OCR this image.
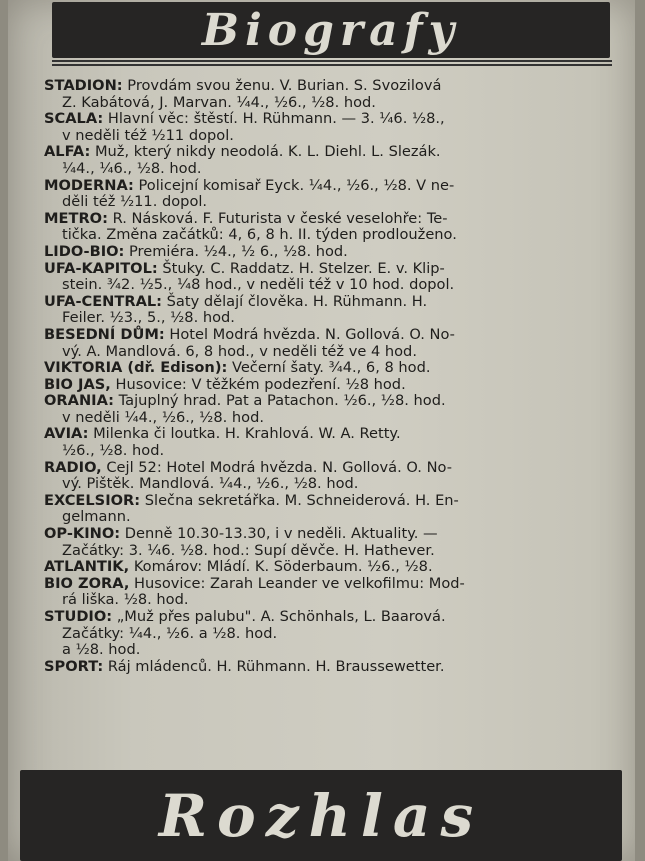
Biografy
STADION: Provdám svou ženu. V. Burian. S. Svozilová
Z. Kabátová, J. Marvan. ¼4., ½6., ½8. hod.
SCALA: Hlavní věc: štěstí. H. Rühmann. — 3. ¼6. ½8.,
v neděli též ½11 dopol.
ALFA: Muž, který nikdy neodolá. K. L. Diehl. L. Slezák.
¼4., ¼6., ½8. hod.
MODERNA: Policejní komisař Eyck. ¼4., ½6., ½8. V ne-
děli též ½11. dopol.
METRO: R. Násková. F. Futurista v české veselohře: Te-
tička. Změna začátků: 4, 6, 8 h. II. týden prodlouženo.
LIDO-BIO: Premiéra. ½4., ½ 6., ½8. hod.
UFA-KAPITOL: Štuky. C. Raddatz. H. Stelzer. E. v. Klip-
stein. ¾2. ½5., ¼8 hod., v neděli též v 10 hod. dopol.
UFA-CENTRAL: Šaty dělají člověka. H. Rühmann. H.
Feiler. ½3., 5., ½8. hod.
BESEDNÍ DŮM: Hotel Modrá hvězda. N. Gollová. O. No-
vý. A. Mandlová. 6, 8 hod., v neděli též ve 4 hod.
VIKTORIA (dř. Edison): Večerní šaty. ¾4., 6, 8 hod.
BIO JAS, Husovice: V těžkém podezření. ½8 hod.
ORANIA: Tajuplný hrad. Pat a Patachon. ½6., ½8. hod.
v neděli ¼4., ½6., ½8. hod.
AVIA: Milenka či loutka. H. Krahlová. W. A. Retty.
½6., ½8. hod.
RADIO, Cejl 52: Hotel Modrá hvězda. N. Gollová. O. No-
vý. Pištěk. Mandlová. ¼4., ½6., ½8. hod.
EXCELSIOR: Slečna sekretářka. M. Schneiderová. H. En-
gelmann.
OP-KINO: Denně 10.30-13.30, i v neděli. Aktuality. —
Začátky: 3. ¼6. ½8. hod.: Supí děvče. H. Hathever.
ATLANTIK, Komárov: Mládí. K. Söderbaum. ½6., ½8.
BIO ZORA, Husovice: Zarah Leander ve velkofilmu: Mod-
rá liška. ½8. hod.
STUDIO: „Muž přes palubu". A. Schönhals, L. Baarová.
Začátky: ¼4., ½6. a ½8. hod.
a ½8. hod.
SPORT: Ráj mládenců. H. Rühmann. H. Braussewetter.
Rozhlas
